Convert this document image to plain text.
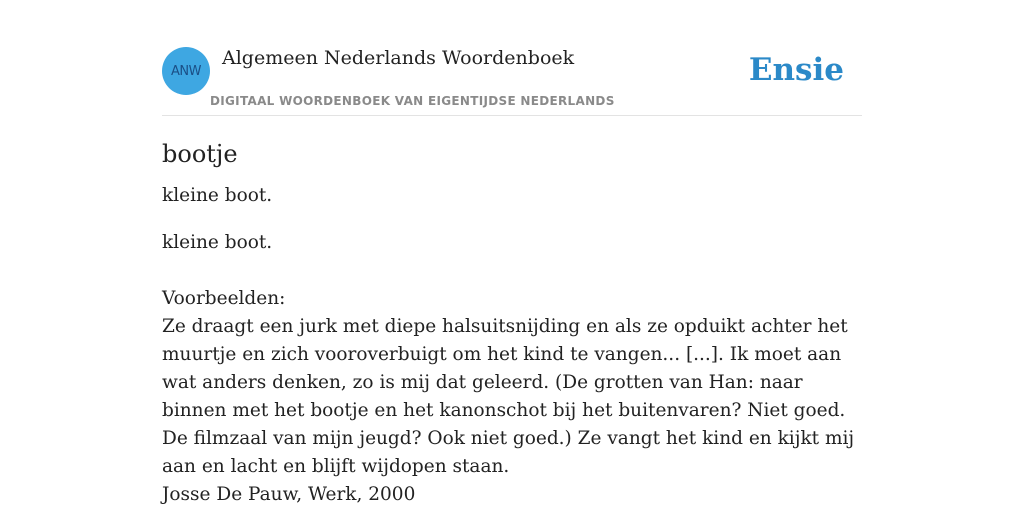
ANW
Algemeen Nederlands Woordenboek
DIGITAAL WOORDENBOEK VAN EIGENTIJDSE NEDERLANDS
Ensie
bootje
kleine boot.
kleine boot.
Voorbeelden:
Ze draagt een jurk met diepe halsuitsnijding en als ze opduikt achter het muurtje en zich vooroverbuigt om het kind te vangen... [...]. Ik moet aan wat anders denken, zo is mij dat geleerd. (De grotten van Han: naar binnen met het bootje en het kanonschot bij het buitenvaren? Niet goed. De filmzaal van mijn jeugd? Ook niet goed.) Ze vangt het kind en kijkt mij aan en lacht en blijft wijdopen staan.
Josse De Pauw, Werk, 2000
